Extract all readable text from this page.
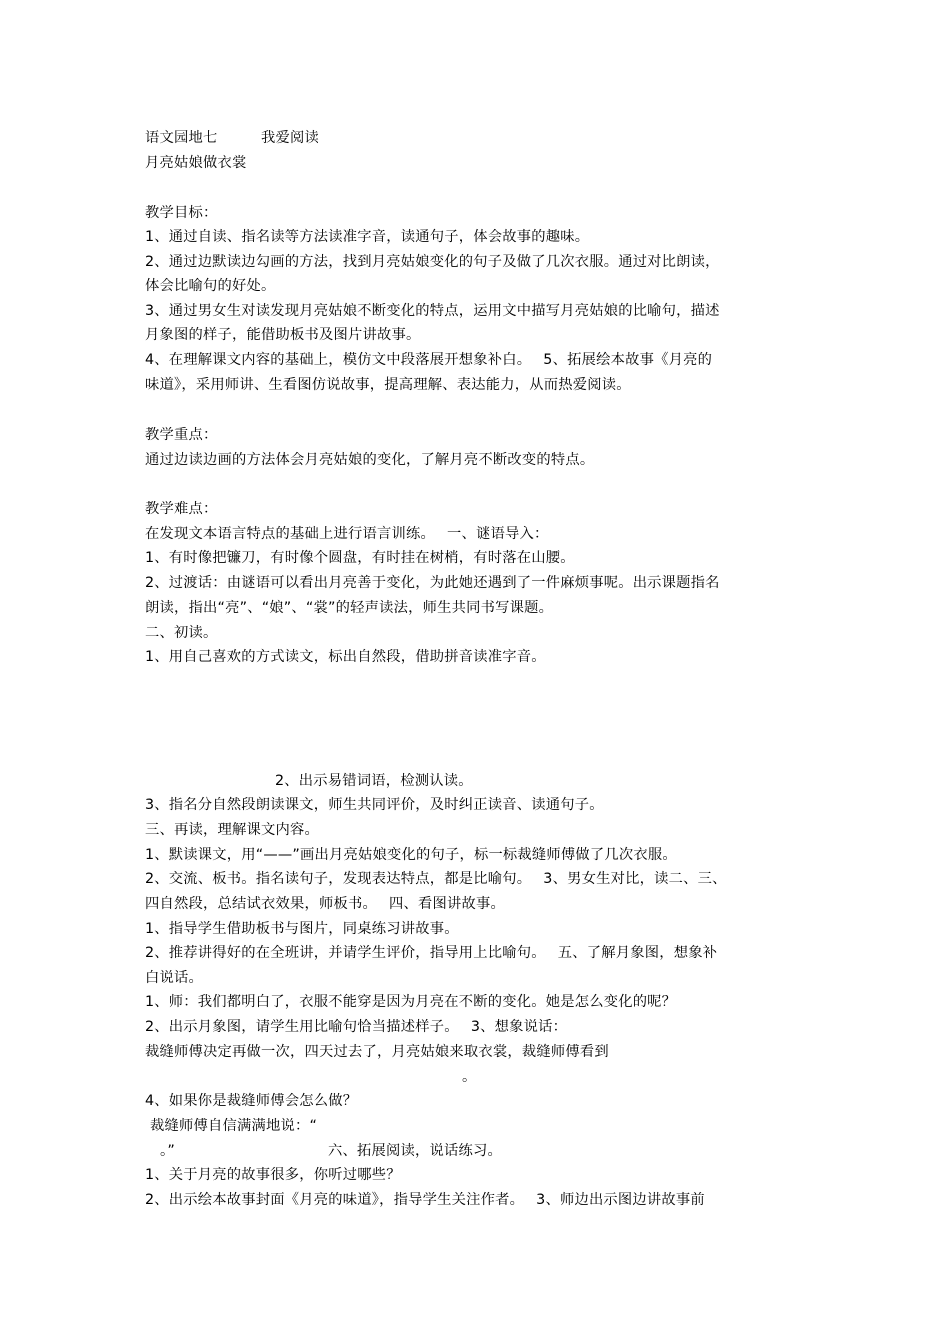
语文园地七　　　我爱阅读

月亮姑娘做衣裳

教学目标：

1、通过自读、指名读等方法读准字音，读通句子，体会故事的趣味。

2、通过边默读边勾画的方法，找到月亮姑娘变化的句子及做了几次衣服。通过对比朗读，

体会比喻句的好处。

3、通过男女生对读发现月亮姑娘不断变化的特点，运用文中描写月亮姑娘的比喻句，描述

月象图的样子，能借助板书及图片讲故事。

4、在理解课文内容的基础上，模仿文中段落展开想象补白。　 5、拓展绘本故事《月亮的

味道》，采用师讲、生看图仿说故事，提高理解、表达能力，从而热爱阅读。

教学重点：

通过边读边画的方法体会月亮姑娘的变化，了解月亮不断改变的特点。

教学难点：

在发现文本语言特点的基础上进行语言训练。　 一、谜语导入：

1、有时像把镰刀，有时像个圆盘，有时挂在树梢，有时落在山腰。

2、过渡话：由谜语可以看出月亮善于变化，为此她还遇到了一件麻烦事呢。出示课题指名

朗读，指出“亮”、“娘”、“裳”的轻声读法，师生共同书写课题。

二、初读。

1、用自己喜欢的方式读文，标出自然段，借助拼音读准字音。

2、出示易错词语，检测认读。

3、指名分自然段朗读课文，师生共同评价，及时纠正读音、读通句子。

三、再读，理解课文内容。

1、默读课文，用“——”画出月亮姑娘变化的句子，标一标裁缝师傅做了几次衣服。

2、交流、板书。指名读句子，发现表达特点，都是比喻句。　 3、男女生对比，读二、三、

四自然段，总结试衣效果，师板书。　 四、看图讲故事。

1、指导学生借助板书与图片，同桌练习讲故事。

2、推荐讲得好的在全班讲，并请学生评价，指导用上比喻句。　 五、了解月象图，想象补

白说话。

1、师：我们都明白了，衣服不能穿是因为月亮在不断的变化。她是怎么变化的呢？

2、出示月象图，请学生用比喻句恰当描述样子。　 3、想象说话：

裁缝师傅决定再做一次，四天过去了，月亮姑娘来取衣裳，裁缝师傅看到

。

4、如果你是裁缝师傅会怎么做？

裁缝师傅自信满满地说：“

。”	六、拓展阅读，说话练习。

1、关于月亮的故事很多，你听过哪些？

2、出示绘本故事封面《月亮的味道》，指导学生关注作者。　 3、师边出示图边讲故事前
